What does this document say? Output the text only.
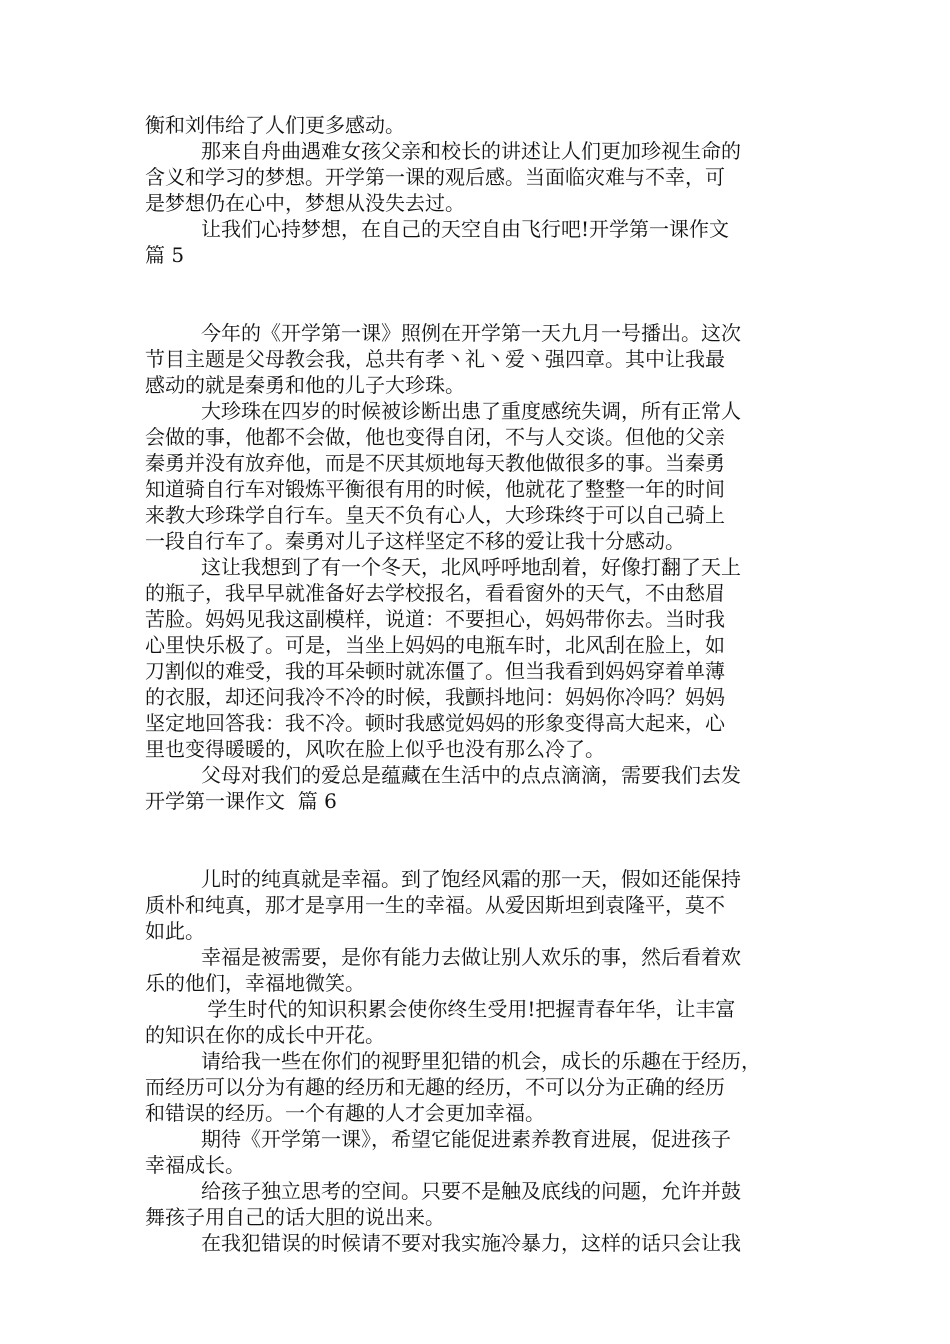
衡和刘伟给了人们更多感动。
那来自舟曲遇难女孩父亲和校长的讲述让人们更加珍视生命的
含义和学习的梦想。开学第一课的观后感。当面临灾难与不幸，可
是梦想仍在心中，梦想从没失去过。
让我们心持梦想，在自己的天空自由飞行吧!开学第一课作文
篇 5
今年的《开学第一课》照例在开学第一天九月一号播出。这次
节目主题是父母教会我，总共有孝丶礼丶爱丶强四章。其中让我最
感动的就是秦勇和他的儿子大珍珠。
大珍珠在四岁的时候被诊断出患了重度感统失调，所有正常人
会做的事，他都不会做，他也变得自闭，不与人交谈。但他的父亲
秦勇并没有放弃他，而是不厌其烦地每天教他做很多的事。当秦勇
知道骑自行车对锻炼平衡很有用的时候，他就花了整整一年的时间
来教大珍珠学自行车。皇天不负有心人，大珍珠终于可以自己骑上
一段自行车了。秦勇对儿子这样坚定不移的爱让我十分感动。
这让我想到了有一个冬天，北风呼呼地刮着，好像打翻了天上
的瓶子，我早早就准备好去学校报名，看看窗外的天气，不由愁眉
苦脸。妈妈见我这副模样，说道：不要担心，妈妈带你去。当时我
心里快乐极了。可是，当坐上妈妈的电瓶车时，北风刮在脸上，如
刀割似的难受，我的耳朵顿时就冻僵了。但当我看到妈妈穿着单薄
的衣服，却还问我冷不冷的时候，我颤抖地问：妈妈你冷吗？妈妈
坚定地回答我：我不冷。顿时我感觉妈妈的形象变得高大起来，心
里也变得暖暖的，风吹在脸上似乎也没有那么冷了。
父母对我们的爱总是蕴藏在生活中的点点滴滴，需要我们去发
开学第一课作文  篇 6
儿时的纯真就是幸福。到了饱经风霜的那一天，假如还能保持
质朴和纯真，那才是享用一生的幸福。从爱因斯坦到袁隆平，莫不
如此。
幸福是被需要，是你有能力去做让别人欢乐的事，然后看着欢
乐的他们，幸福地微笑。
学生时代的知识积累会使你终生受用!把握青春年华，让丰富
的知识在你的成长中开花。
请给我一些在你们的视野里犯错的机会，成长的乐趣在于经历，
而经历可以分为有趣的经历和无趣的经历，不可以分为正确的经历
和错误的经历。一个有趣的人才会更加幸福。
期待《开学第一课》，希望它能促进素养教育进展，促进孩子
幸福成长。
给孩子独立思考的空间。只要不是触及底线的问题，允许并鼓
舞孩子用自己的话大胆的说出来。
在我犯错误的时候请不要对我实施冷暴力，这样的话只会让我
